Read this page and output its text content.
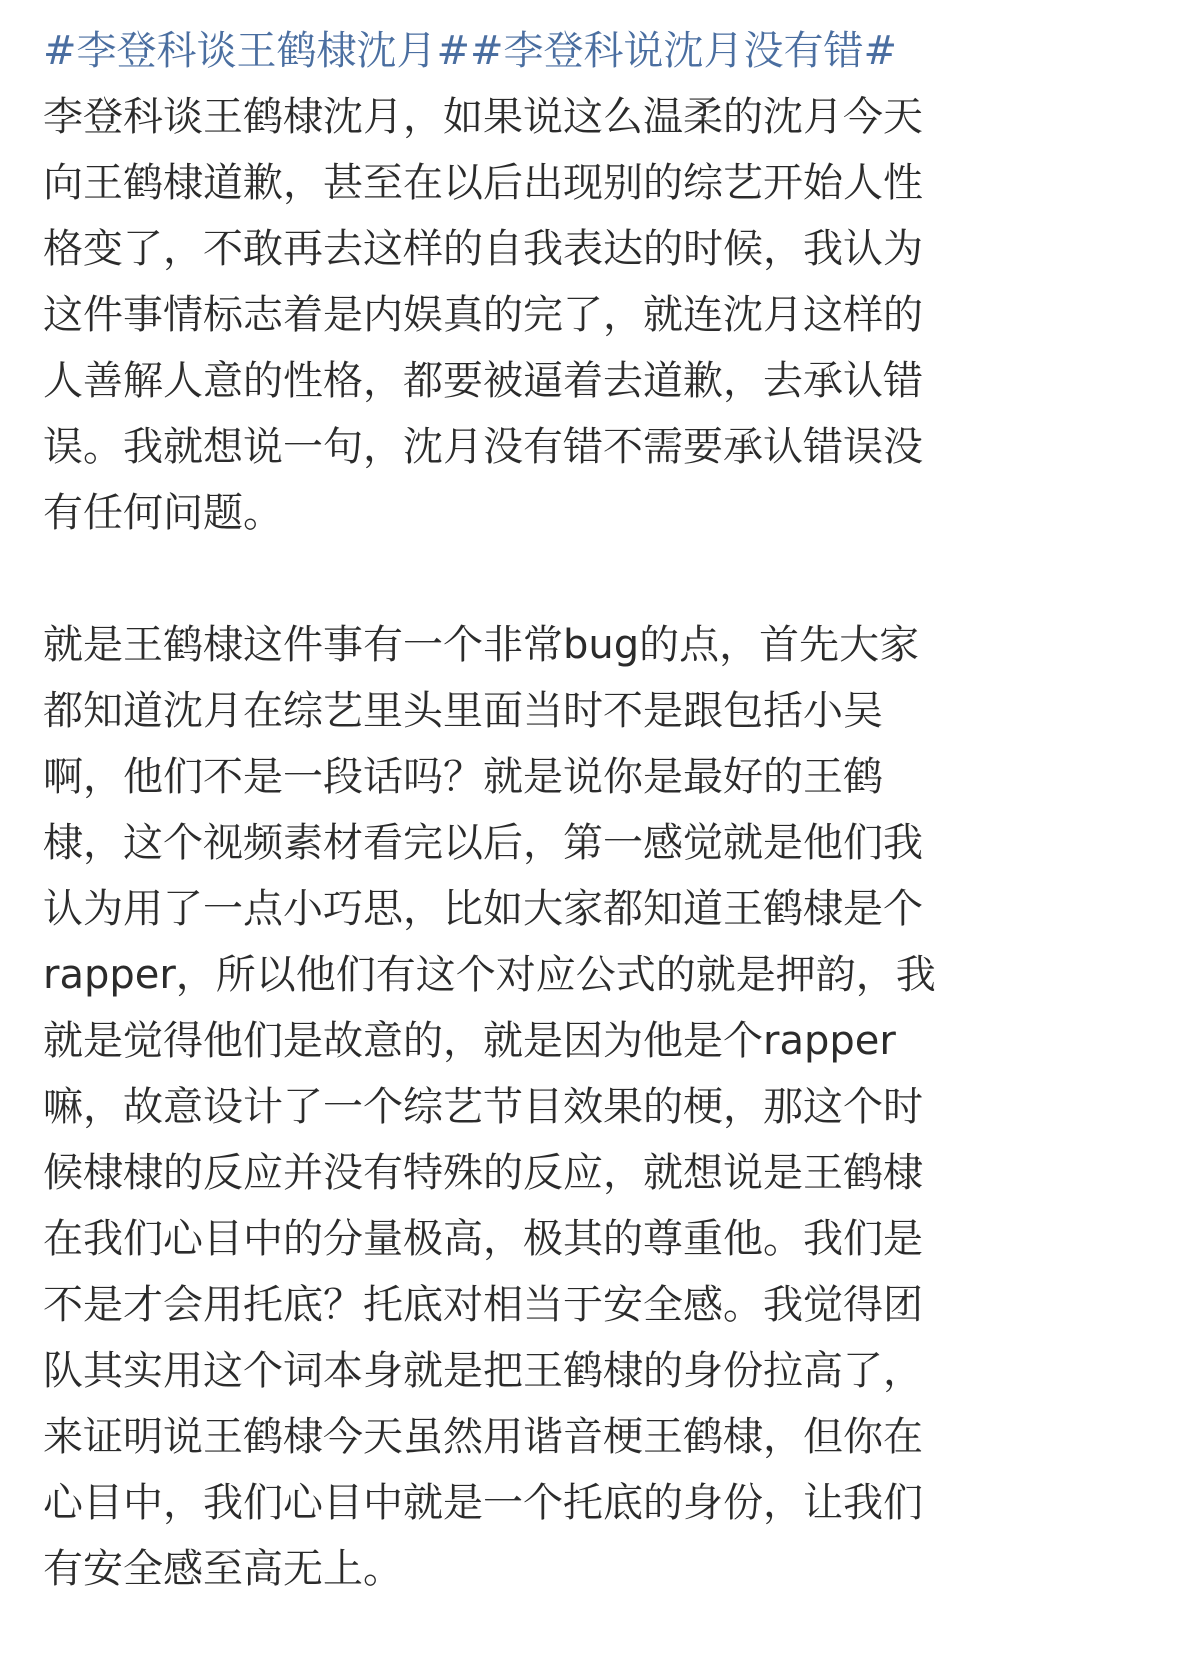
#李登科谈王鹤棣沈月##李登科说沈月没有错#
李登科谈王鹤棣沈月，如果说这么温柔的沈月今天
向王鹤棣道歉，甚至在以后出现别的综艺开始人性
格变了，不敢再去这样的自我表达的时候，我认为
这件事情标志着是内娱真的完了，就连沈月这样的
人善解人意的性格，都要被逼着去道歉，去承认错
误。我就想说一句，沈月没有错不需要承认错误没
有任何问题。
就是王鹤棣这件事有一个非常bug的点，首先大家
都知道沈月在综艺里头里面当时不是跟包括小吴
啊，他们不是一段话吗？就是说你是最好的王鹤
棣，这个视频素材看完以后，第一感觉就是他们我
认为用了一点小巧思，比如大家都知道王鹤棣是个
rapper，所以他们有这个对应公式的就是押韵，我
就是觉得他们是故意的，就是因为他是个rapper
嘛，故意设计了一个综艺节目效果的梗，那这个时
候棣棣的反应并没有特殊的反应，就想说是王鹤棣
在我们心目中的分量极高，极其的尊重他。我们是
不是才会用托底？托底对相当于安全感。我觉得团
队其实用这个词本身就是把王鹤棣的身份拉高了，
来证明说王鹤棣今天虽然用谐音梗王鹤棣，但你在
心目中，我们心目中就是一个托底的身份，让我们
有安全感至高无上。
